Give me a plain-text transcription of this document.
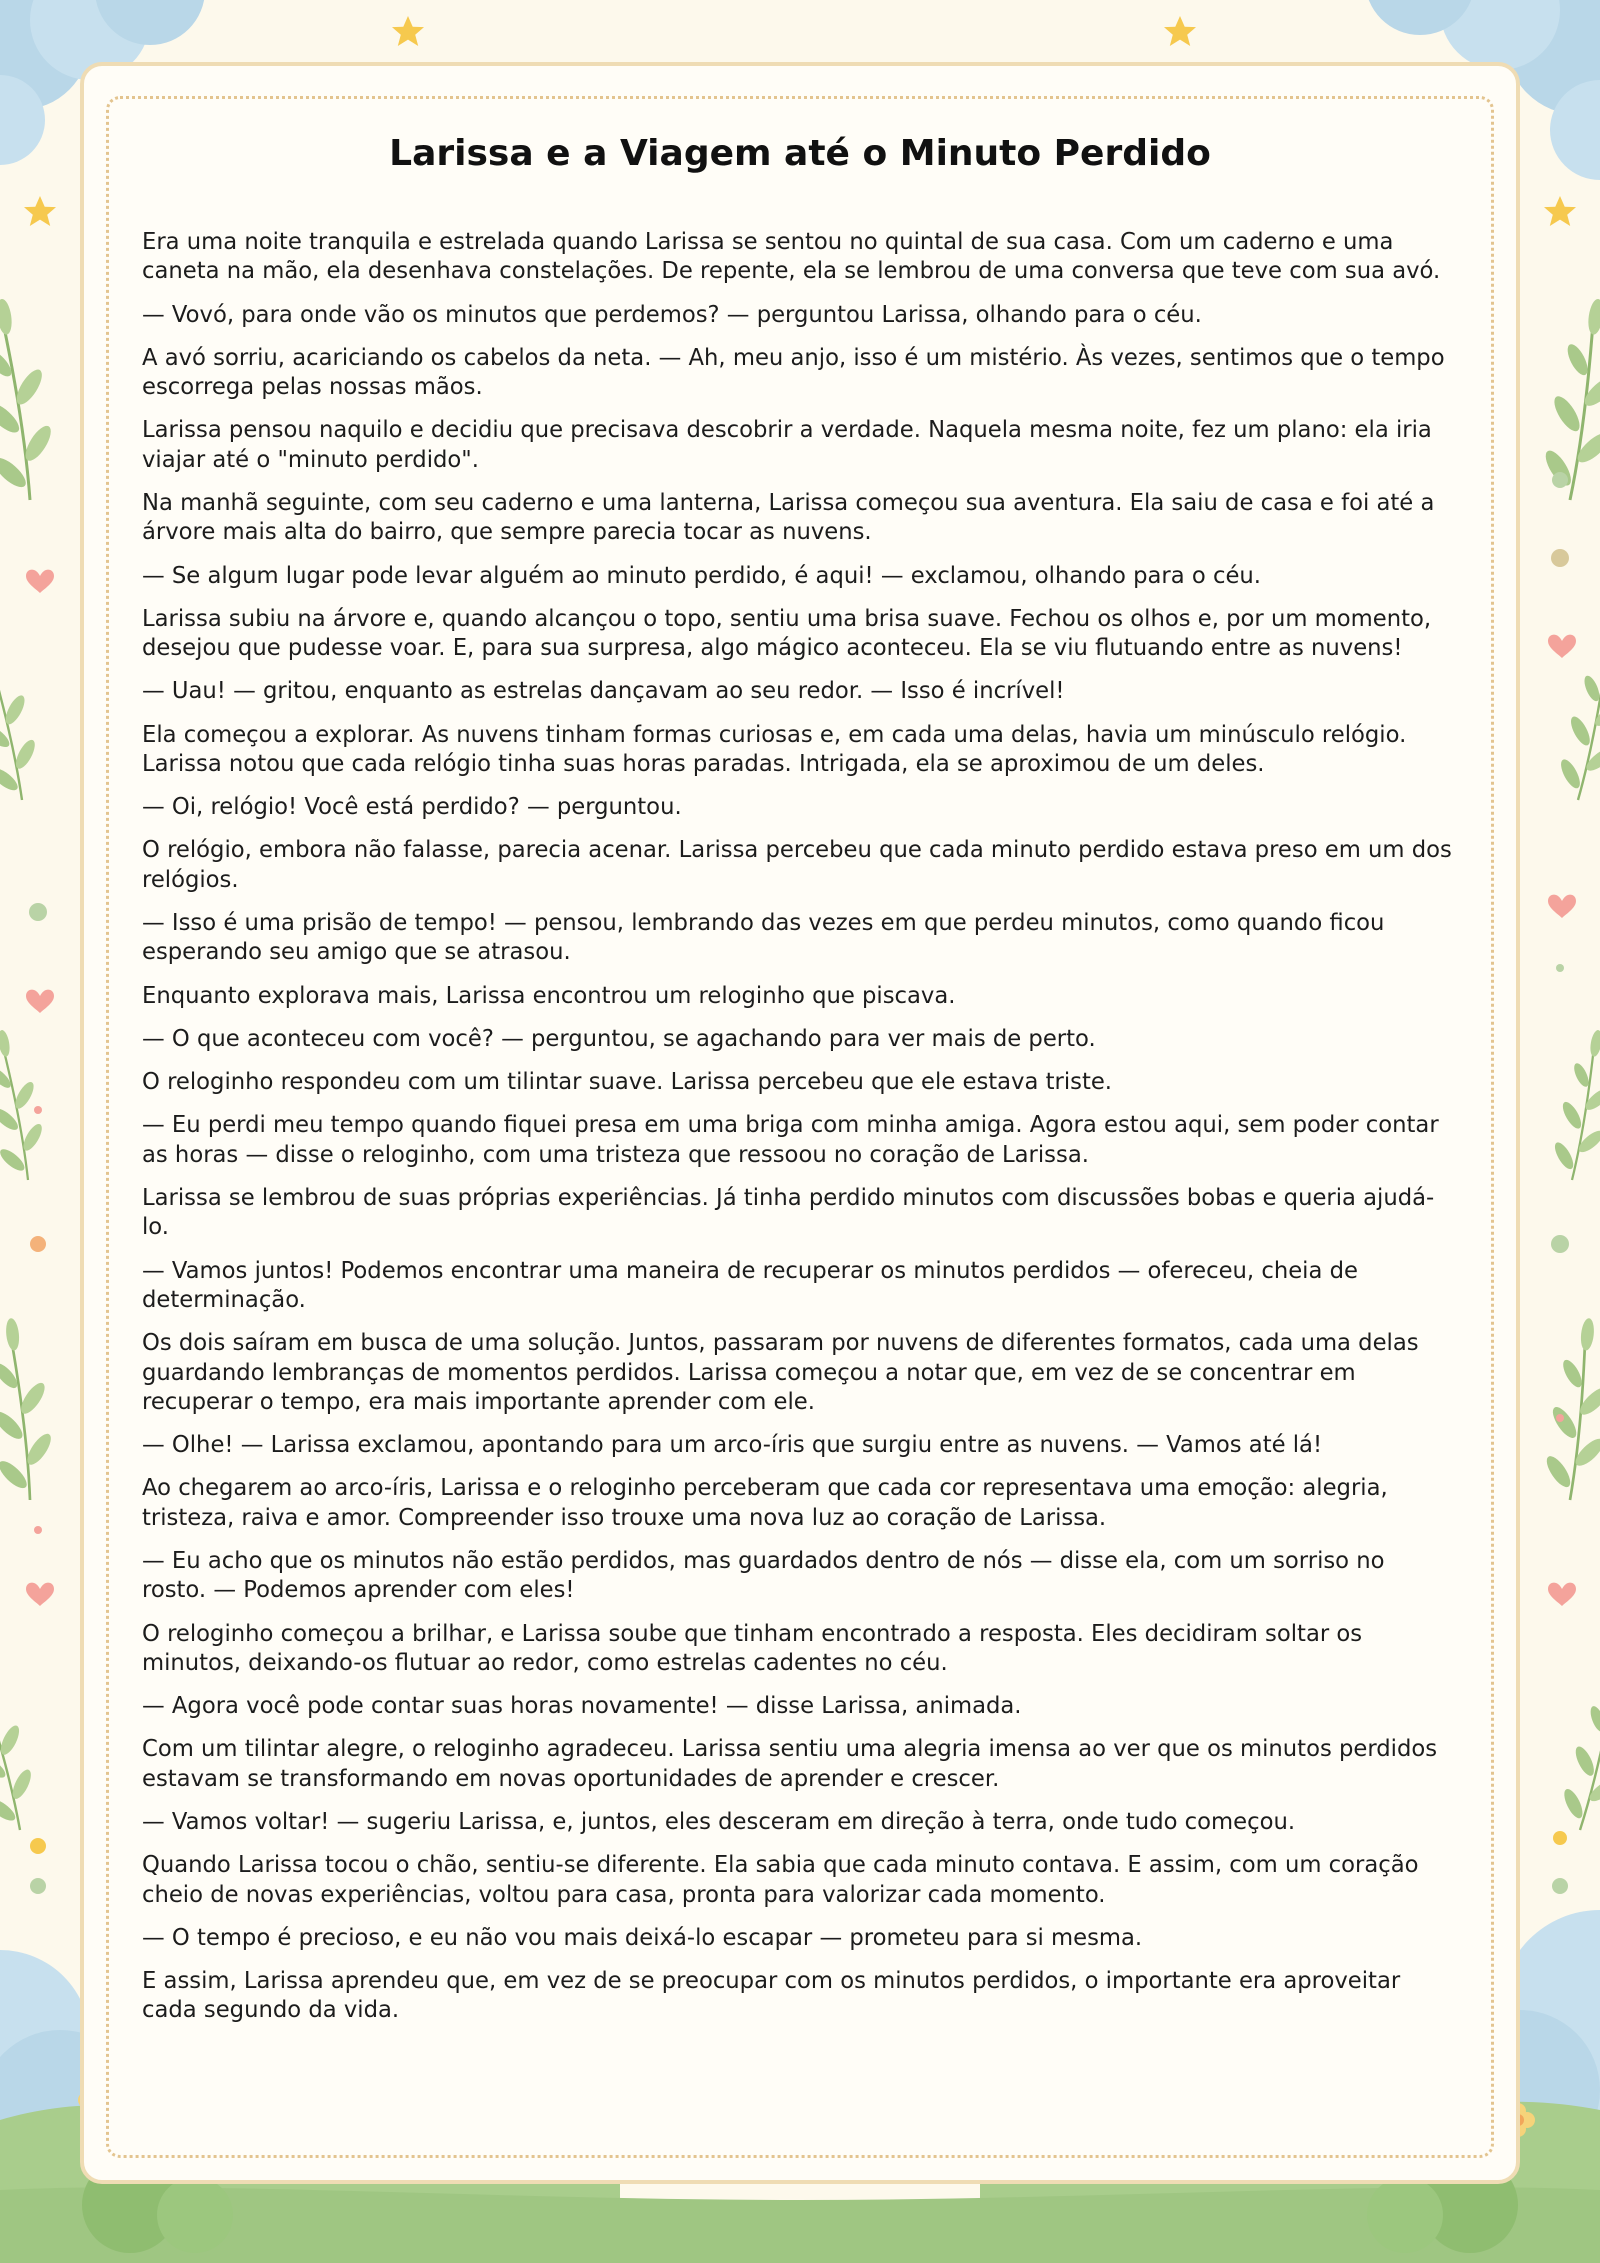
Larissa e a Viagem até o Minuto Perdido

Era uma noite tranquila e estrelada quando Larissa se sentou no quintal de sua casa. Com um caderno e uma caneta na mão, ela desenhava constelações. De repente, ela se lembrou de uma conversa que teve com sua avó.

— Vovó, para onde vão os minutos que perdemos? — perguntou Larissa, olhando para o céu.

A avó sorriu, acariciando os cabelos da neta. — Ah, meu anjo, isso é um mistério. Às vezes, sentimos que o tempo escorrega pelas nossas mãos.

Larissa pensou naquilo e decidiu que precisava descobrir a verdade. Naquela mesma noite, fez um plano: ela iria viajar até o "minuto perdido".

Na manhã seguinte, com seu caderno e uma lanterna, Larissa começou sua aventura. Ela saiu de casa e foi até a árvore mais alta do bairro, que sempre parecia tocar as nuvens.

— Se algum lugar pode levar alguém ao minuto perdido, é aqui! — exclamou, olhando para o céu.

Larissa subiu na árvore e, quando alcançou o topo, sentiu uma brisa suave. Fechou os olhos e, por um momento, desejou que pudesse voar. E, para sua surpresa, algo mágico aconteceu. Ela se viu flutuando entre as nuvens!

— Uau! — gritou, enquanto as estrelas dançavam ao seu redor. — Isso é incrível!

Ela começou a explorar. As nuvens tinham formas curiosas e, em cada uma delas, havia um minúsculo relógio. Larissa notou que cada relógio tinha suas horas paradas. Intrigada, ela se aproximou de um deles.

— Oi, relógio! Você está perdido? — perguntou.

O relógio, embora não falasse, parecia acenar. Larissa percebeu que cada minuto perdido estava preso em um dos relógios.

— Isso é uma prisão de tempo! — pensou, lembrando das vezes em que perdeu minutos, como quando ficou esperando seu amigo que se atrasou.

Enquanto explorava mais, Larissa encontrou um reloginho que piscava.

— O que aconteceu com você? — perguntou, se agachando para ver mais de perto.

O reloginho respondeu com um tilintar suave. Larissa percebeu que ele estava triste.

— Eu perdi meu tempo quando fiquei presa em uma briga com minha amiga. Agora estou aqui, sem poder contar as horas — disse o reloginho, com uma tristeza que ressoou no coração de Larissa.

Larissa se lembrou de suas próprias experiências. Já tinha perdido minutos com discussões bobas e queria ajudá-lo.

— Vamos juntos! Podemos encontrar uma maneira de recuperar os minutos perdidos — ofereceu, cheia de determinação.

Os dois saíram em busca de uma solução. Juntos, passaram por nuvens de diferentes formatos, cada uma delas guardando lembranças de momentos perdidos. Larissa começou a notar que, em vez de se concentrar em recuperar o tempo, era mais importante aprender com ele.

— Olhe! — Larissa exclamou, apontando para um arco-íris que surgiu entre as nuvens. — Vamos até lá!

Ao chegarem ao arco-íris, Larissa e o reloginho perceberam que cada cor representava uma emoção: alegria, tristeza, raiva e amor. Compreender isso trouxe uma nova luz ao coração de Larissa.

— Eu acho que os minutos não estão perdidos, mas guardados dentro de nós — disse ela, com um sorriso no rosto. — Podemos aprender com eles!

O reloginho começou a brilhar, e Larissa soube que tinham encontrado a resposta. Eles decidiram soltar os minutos, deixando-os flutuar ao redor, como estrelas cadentes no céu.

— Agora você pode contar suas horas novamente! — disse Larissa, animada.

Com um tilintar alegre, o reloginho agradeceu. Larissa sentiu uma alegria imensa ao ver que os minutos perdidos estavam se transformando em novas oportunidades de aprender e crescer.

— Vamos voltar! — sugeriu Larissa, e, juntos, eles desceram em direção à terra, onde tudo começou.

Quando Larissa tocou o chão, sentiu-se diferente. Ela sabia que cada minuto contava. E assim, com um coração cheio de novas experiências, voltou para casa, pronta para valorizar cada momento.

— O tempo é precioso, e eu não vou mais deixá-lo escapar — prometeu para si mesma.

E assim, Larissa aprendeu que, em vez de se preocupar com os minutos perdidos, o importante era aproveitar cada segundo da vida.
